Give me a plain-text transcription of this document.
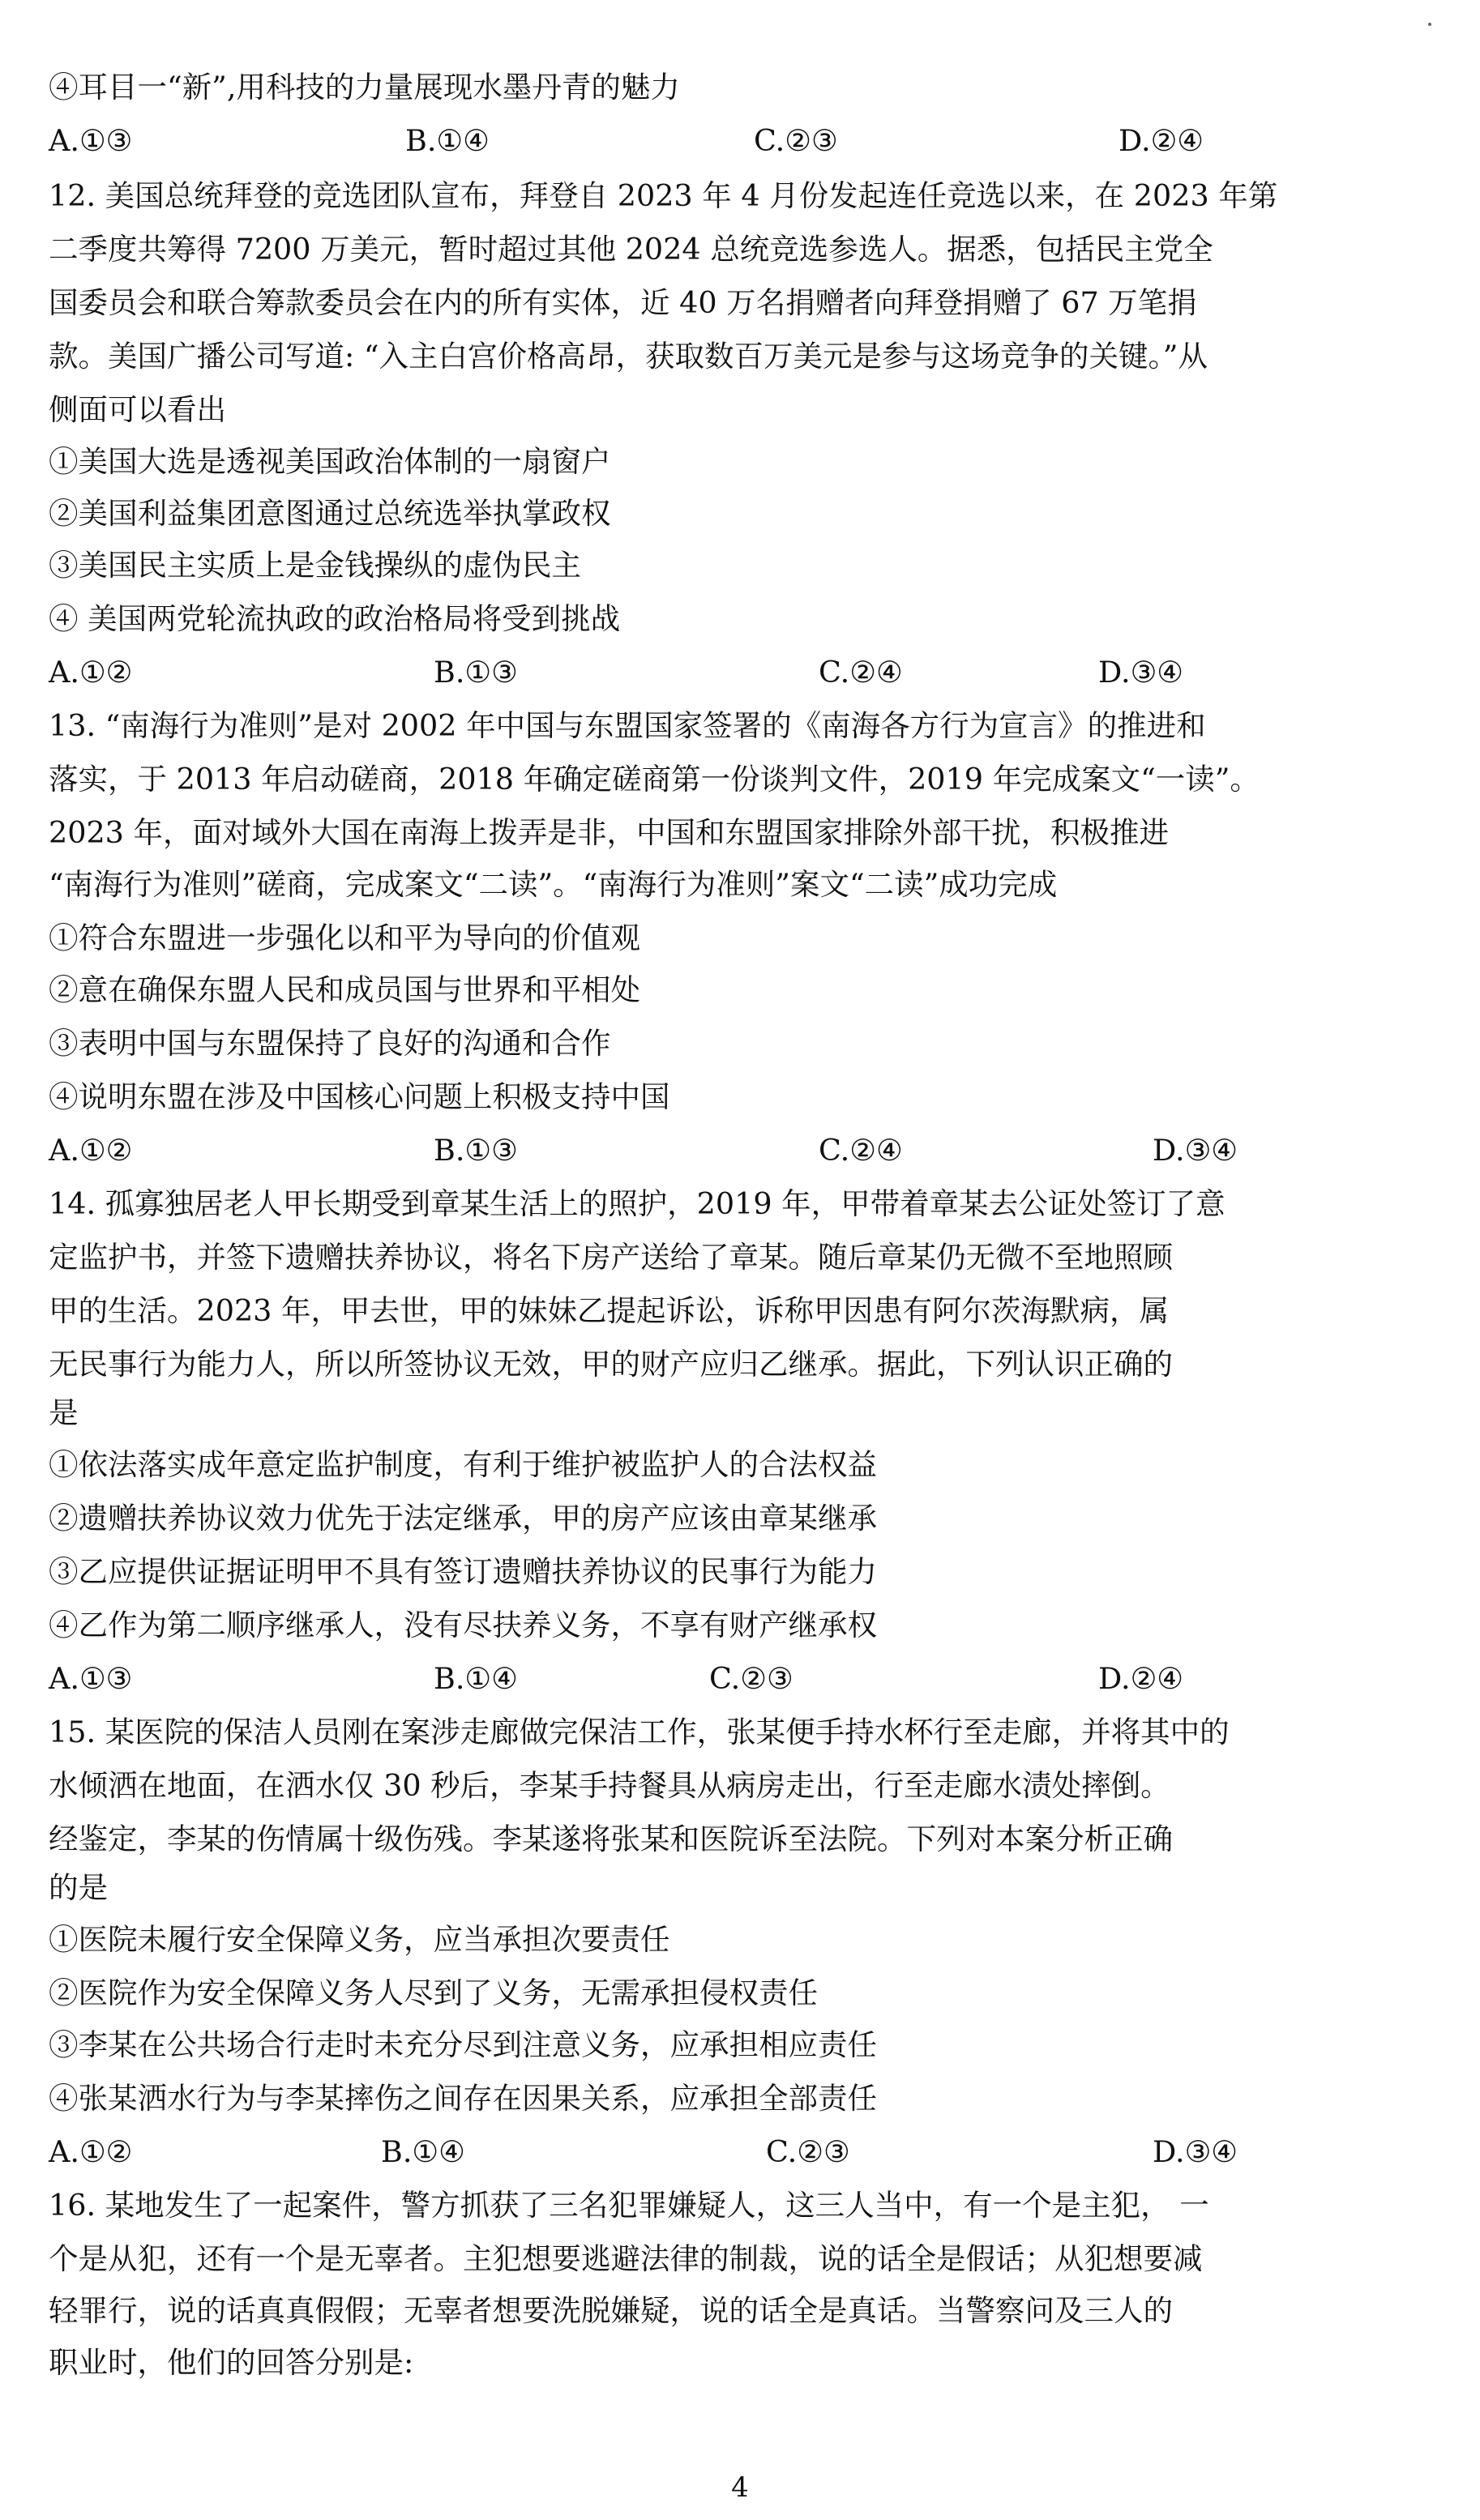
④耳目一“新”,用科技的力量展现水墨丹青的魅力
A.①③	B.①④	C.②③	D.②④
12. 美国总统拜登的竞选团队宣布，拜登自 2023 年 4 月份发起连任竞选以来，在 2023 年第
二季度共筹得 7200 万美元，暂时超过其他 2024 总统竞选参选人。据悉，包括民主党全
国委员会和联合筹款委员会在内的所有实体，近 40 万名捐赠者向拜登捐赠了 67 万笔捐
款。美国广播公司写道: “入主白宫价格高昂，获取数百万美元是参与这场竞争的关键。”从
侧面可以看出
①美国大选是透视美国政治体制的一扇窗户
②美国利益集团意图通过总统选举执掌政权
③美国民主实质上是金钱操纵的虚伪民主
④ 美国两党轮流执政的政治格局将受到挑战
A.①②	B.①③	C.②④	D.③④
13. “南海行为准则”是对 2002 年中国与东盟国家签署的《南海各方行为宣言》的推进和
落实，于 2013 年启动磋商，2018 年确定磋商第一份谈判文件，2019 年完成案文“一读”。
2023 年，面对域外大国在南海上拨弄是非，中国和东盟国家排除外部干扰，积极推进
“南海行为准则”磋商，完成案文“二读”。“南海行为准则”案文“二读”成功完成
①符合东盟进一步强化以和平为导向的价值观
②意在确保东盟人民和成员国与世界和平相处
③表明中国与东盟保持了良好的沟通和合作
④说明东盟在涉及中国核心问题上积极支持中国
A.①②	B.①③	C.②④	D.③④
14. 孤寡独居老人甲长期受到章某生活上的照护，2019 年，甲带着章某去公证处签订了意
定监护书，并签下遗赠扶养协议，将名下房产送给了章某。随后章某仍无微不至地照顾
甲的生活。2023 年，甲去世，甲的妹妹乙提起诉讼，诉称甲因患有阿尔茨海默病，属
无民事行为能力人，所以所签协议无效，甲的财产应归乙继承。据此，下列认识正确的
是
①依法落实成年意定监护制度，有利于维护被监护人的合法权益
②遗赠扶养协议效力优先于法定继承，甲的房产应该由章某继承
③乙应提供证据证明甲不具有签订遗赠扶养协议的民事行为能力
④乙作为第二顺序继承人，没有尽扶养义务，不享有财产继承权
A.①③	B.①④	C.②③	D.②④
15. 某医院的保洁人员刚在案涉走廊做完保洁工作，张某便手持水杯行至走廊，并将其中的
水倾洒在地面，在洒水仅 30 秒后，李某手持餐具从病房走出，行至走廊水渍处摔倒。
经鉴定，李某的伤情属十级伤残。李某遂将张某和医院诉至法院。下列对本案分析正确
的是
①医院未履行安全保障义务，应当承担次要责任
②医院作为安全保障义务人尽到了义务，无需承担侵权责任
③李某在公共场合行走时未充分尽到注意义务，应承担相应责任
④张某洒水行为与李某摔伤之间存在因果关系，应承担全部责任
A.①②	B.①④	C.②③	D.③④
16. 某地发生了一起案件，警方抓获了三名犯罪嫌疑人，这三人当中，有一个是主犯， 一
个是从犯，还有一个是无辜者。主犯想要逃避法律的制裁，说的话全是假话；从犯想要减
轻罪行，说的话真真假假；无辜者想要洗脱嫌疑，说的话全是真话。当警察问及三人的
职业时，他们的回答分别是:
4
